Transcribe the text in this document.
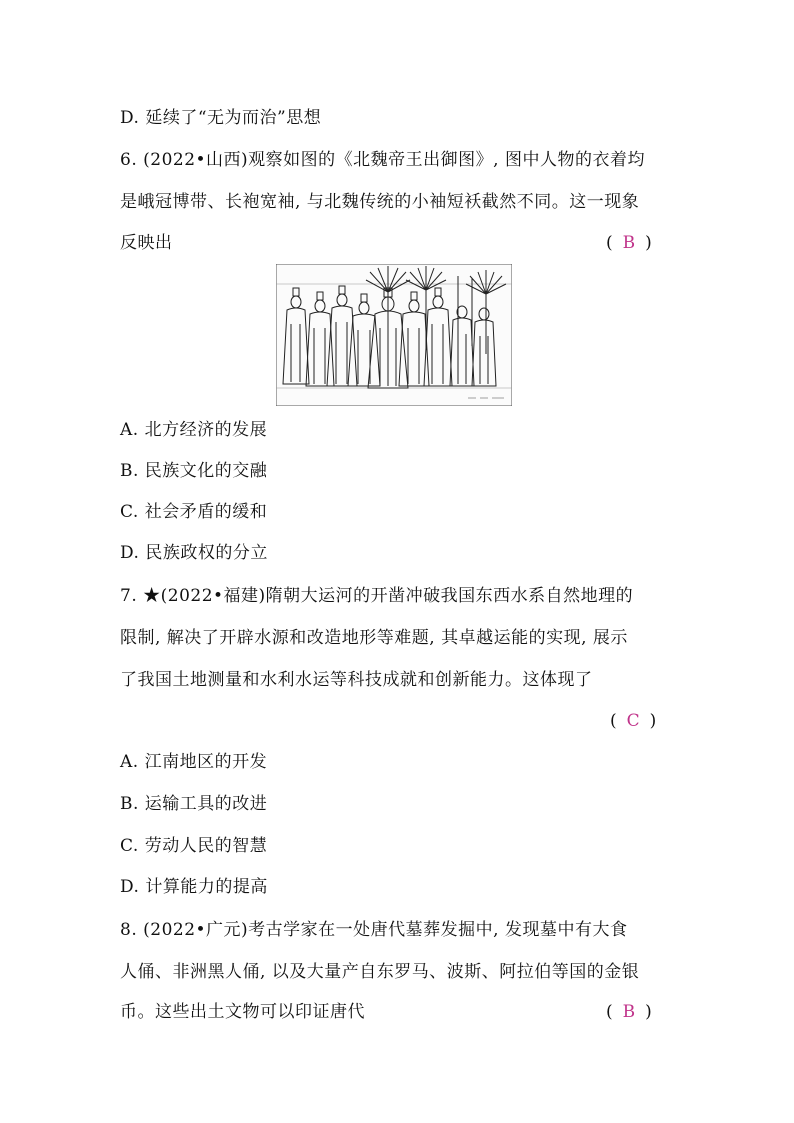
D. 延续了“无为而治”思想
6. (2022•山西)观察如图的《北魏帝王出御图》, 图中人物的衣着均
是峨冠博带、长袍宽袖, 与北魏传统的小袖短袄截然不同。这一现象
反映出	( B )
A. 北方经济的发展
B. 民族文化的交融
C. 社会矛盾的缓和
D. 民族政权的分立
7. ★(2022•福建)隋朝大运河的开凿冲破我国东西水系自然地理的
限制, 解决了开辟水源和改造地形等难题, 其卓越运能的实现, 展示
了我国土地测量和水利水运等科技成就和创新能力。这体现了
( C )
A. 江南地区的开发
B. 运输工具的改进
C. 劳动人民的智慧
D. 计算能力的提高
8. (2022•广元)考古学家在一处唐代墓葬发掘中, 发现墓中有大食
人俑、非洲黑人俑, 以及大量产自东罗马、波斯、阿拉伯等国的金银
币。这些出土文物可以印证唐代	( B )
